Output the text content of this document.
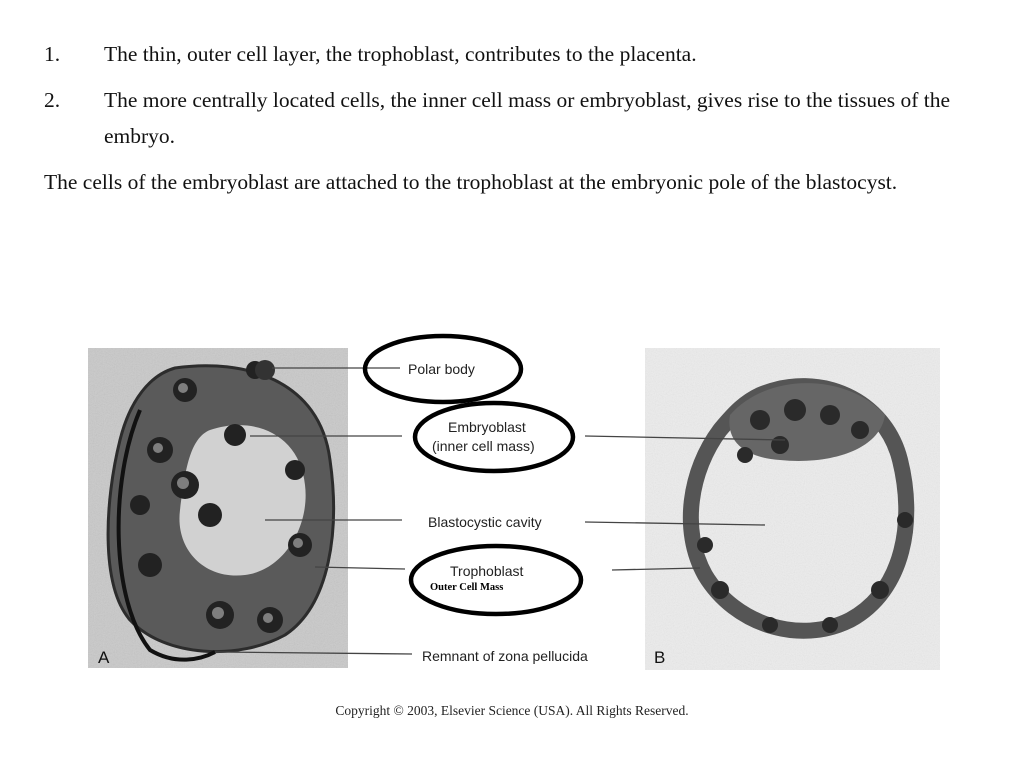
1. The thin, outer cell layer, the trophoblast, contributes to the placenta.
2. The more centrally located cells, the inner cell mass or embryoblast, gives rise to the tissues of the embryo.
The cells of the embryoblast are attached to the trophoblast at the embryonic pole of the blastocyst.
Polar body
Embryoblast
(inner cell mass)
Blastocystic cavity
Trophoblast
Outer Cell Mass
Remnant of zona pellucida
A	B
Copyright © 2003, Elsevier Science (USA). All Rights Reserved.
